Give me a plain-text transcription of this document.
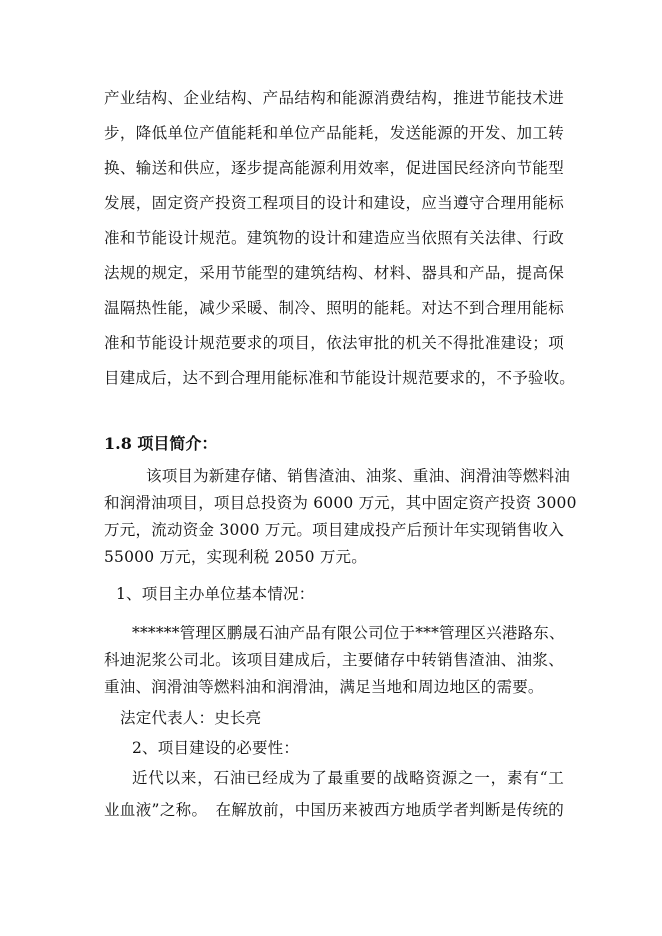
产业结构、企业结构、产品结构和能源消费结构，推进节能技术进
步，降低单位产值能耗和单位产品能耗，发送能源的开发、加工转
换、输送和供应，逐步提高能源利用效率，促进国民经济向节能型
发展，固定资产投资工程项目的设计和建设，应当遵守合理用能标
准和节能设计规范。建筑物的设计和建造应当依照有关法律、行政
法规的规定，采用节能型的建筑结构、材料、器具和产品，提高保
温隔热性能，减少采暖、制冷、照明的能耗。对达不到合理用能标
准和节能设计规范要求的项目，依法审批的机关不得批准建设；项
目建成后，达不到合理用能标准和节能设计规范要求的，不予验收。
1.8 项目简介：
该项目为新建存储、销售渣油、油浆、重油、润滑油等燃料油
和润滑油项目，项目总投资为 6000 万元，其中固定资产投资 3000
万元，流动资金 3000 万元。项目建成投产后预计年实现销售收入
55000 万元，实现利税 2050 万元。
1、项目主办单位基本情况：
******管理区鹏晟石油产品有限公司位于***管理区兴港路东、
科迪泥浆公司北。该项目建成后，主要储存中转销售渣油、油浆、
重油、润滑油等燃料油和润滑油，满足当地和周边地区的需要。
法定代表人：史长亮
2、项目建设的必要性：
近代以来，石油已经成为了最重要的战略资源之一，素有“工
业血液”之称。　在解放前，中国历来被西方地质学者判断是传统的
